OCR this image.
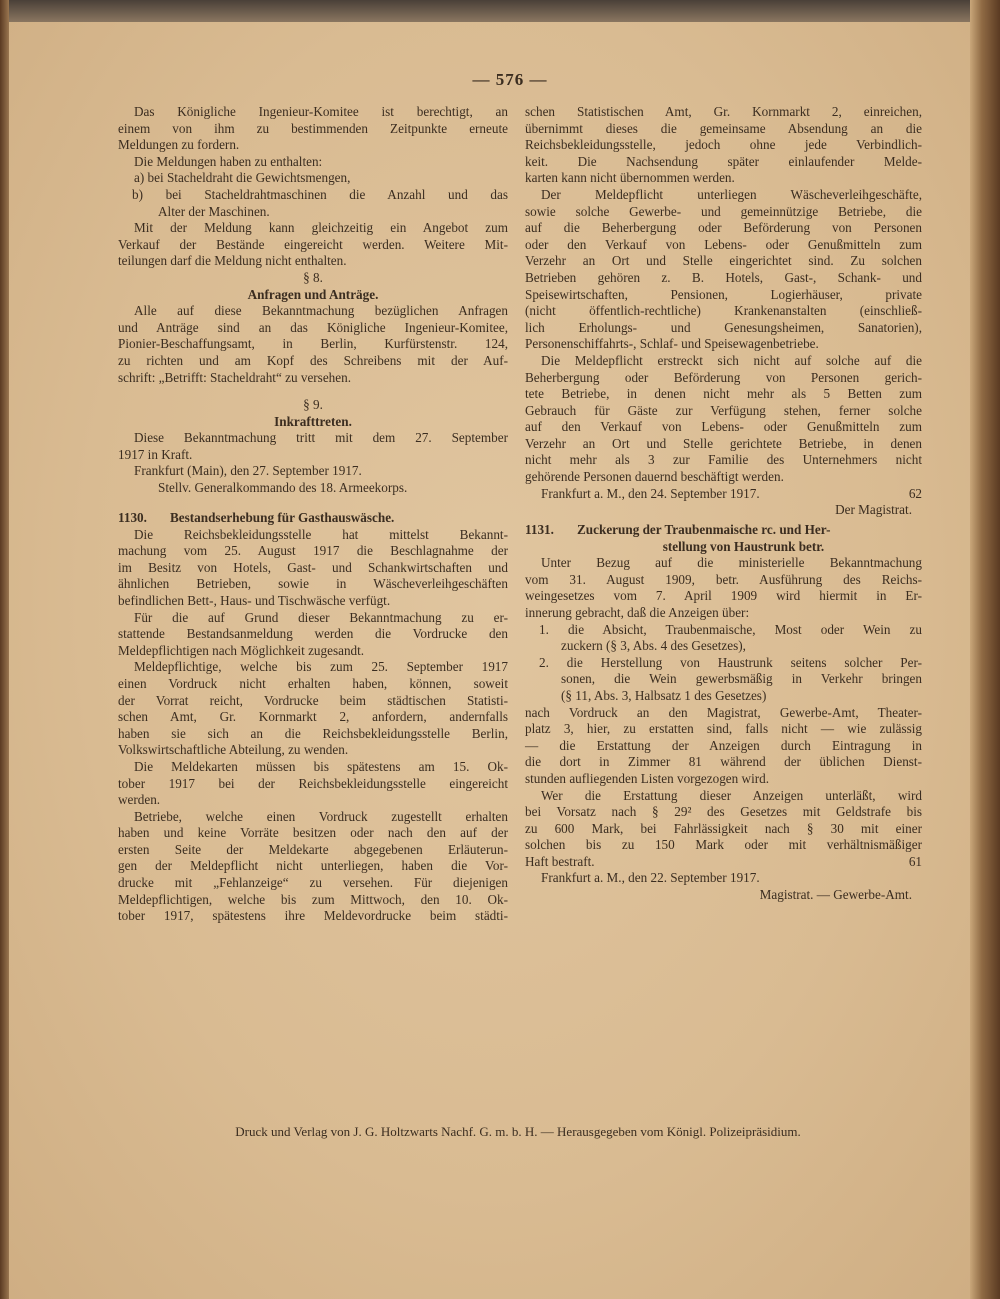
— 576 —
Das Königliche Ingenieur-Komitee ist berechtigt, an
einem von ihm zu bestimmenden Zeitpunkte erneute
Meldungen zu fordern.
Die Meldungen haben zu enthalten:
a) bei Stacheldraht die Gewichtsmengen,
b) bei Stacheldrahtmaschinen die Anzahl und das
Alter der Maschinen.
Mit der Meldung kann gleichzeitig ein Angebot zum
Verkauf der Bestände eingereicht werden. Weitere Mit-
teilungen darf die Meldung nicht enthalten.
§ 8.
Anfragen und Anträge.
Alle auf diese Bekanntmachung bezüglichen Anfragen
und Anträge sind an das Königliche Ingenieur-Komitee,
Pionier-Beschaffungsamt, in Berlin, Kurfürstenstr. 124,
zu richten und am Kopf des Schreibens mit der Auf-
schrift: „Betrifft: Stacheldraht“ zu versehen.
§ 9.
Inkrafttreten.
Diese Bekanntmachung tritt mit dem 27. September
1917 in Kraft.
Frankfurt (Main), den 27. September 1917.
Stellv. Generalkommando des 18. Armeekorps.
1130. Bestandserhebung für Gasthauswäsche.
Die Reichsbekleidungsstelle hat mittelst Bekannt-
machung vom 25. August 1917 die Beschlagnahme der
im Besitz von Hotels, Gast- und Schankwirtschaften und
ähnlichen Betrieben, sowie in Wäscheverleihgeschäften
befindlichen Bett-, Haus- und Tischwäsche verfügt.
Für die auf Grund dieser Bekanntmachung zu er-
stattende Bestandsanmeldung werden die Vordrucke den
Meldepflichtigen nach Möglichkeit zugesandt.
Meldepflichtige, welche bis zum 25. September 1917
einen Vordruck nicht erhalten haben, können, soweit
der Vorrat reicht, Vordrucke beim städtischen Statisti-
schen Amt, Gr. Kornmarkt 2, anfordern, andernfalls
haben sie sich an die Reichsbekleidungsstelle Berlin,
Volkswirtschaftliche Abteilung, zu wenden.
Die Meldekarten müssen bis spätestens am 15. Ok-
tober 1917 bei der Reichsbekleidungsstelle eingereicht
werden.
Betriebe, welche einen Vordruck zugestellt erhalten
haben und keine Vorräte besitzen oder nach den auf der
ersten Seite der Meldekarte abgegebenen Erläuterun-
gen der Meldepflicht nicht unterliegen, haben die Vor-
drucke mit „Fehlanzeige“ zu versehen. Für diejenigen
Meldepflichtigen, welche bis zum Mittwoch, den 10. Ok-
tober 1917, spätestens ihre Meldevordrucke beim städti-
schen Statistischen Amt, Gr. Kornmarkt 2, einreichen,
übernimmt dieses die gemeinsame Absendung an die
Reichsbekleidungsstelle, jedoch ohne jede Verbindlich-
keit. Die Nachsendung später einlaufender Melde-
karten kann nicht übernommen werden.
Der Meldepflicht unterliegen Wäscheverleihgeschäfte,
sowie solche Gewerbe- und gemeinnützige Betriebe, die
auf die Beherbergung oder Beförderung von Personen
oder den Verkauf von Lebens- oder Genußmitteln zum
Verzehr an Ort und Stelle eingerichtet sind. Zu solchen
Betrieben gehören z. B. Hotels, Gast-, Schank- und
Speisewirtschaften, Pensionen, Logierhäuser, private
(nicht öffentlich-rechtliche) Krankenanstalten (einschließ-
lich Erholungs- und Genesungsheimen, Sanatorien),
Personenschiffahrts-, Schlaf- und Speisewagenbetriebe.
Die Meldepflicht erstreckt sich nicht auf solche auf die
Beherbergung oder Beförderung von Personen gerich-
tete Betriebe, in denen nicht mehr als 5 Betten zum
Gebrauch für Gäste zur Verfügung stehen, ferner solche
auf den Verkauf von Lebens- oder Genußmitteln zum
Verzehr an Ort und Stelle gerichtete Betriebe, in denen
nicht mehr als 3 zur Familie des Unternehmers nicht
gehörende Personen dauernd beschäftigt werden.
Frankfurt a. M., den 24. September 1917.	62
Der Magistrat.
1131. Zuckerung der Traubenmaische rc. und Her-
stellung von Haustrunk betr.
Unter Bezug auf die ministerielle Bekanntmachung
vom 31. August 1909, betr. Ausführung des Reichs-
weingesetzes vom 7. April 1909 wird hiermit in Er-
innerung gebracht, daß die Anzeigen über:
1. die Absicht, Traubenmaische, Most oder Wein zu
zuckern (§ 3, Abs. 4 des Gesetzes),
2. die Herstellung von Haustrunk seitens solcher Per-
sonen, die Wein gewerbsmäßig in Verkehr bringen
(§ 11, Abs. 3, Halbsatz 1 des Gesetzes)
nach Vordruck an den Magistrat, Gewerbe-Amt, Theater-
platz 3, hier, zu erstatten sind, falls nicht — wie zulässig
— die Erstattung der Anzeigen durch Eintragung in
die dort in Zimmer 81 während der üblichen Dienst-
stunden aufliegenden Listen vorgezogen wird.
Wer die Erstattung dieser Anzeigen unterläßt, wird
bei Vorsatz nach § 29² des Gesetzes mit Geldstrafe bis
zu 600 Mark, bei Fahrlässigkeit nach § 30 mit einer
solchen bis zu 150 Mark oder mit verhältnismäßiger
Haft bestraft.	61
Frankfurt a. M., den 22. September 1917.
Magistrat. — Gewerbe-Amt.
Druck und Verlag von J. G. Holtzwarts Nachf. G. m. b. H. — Herausgegeben vom Königl. Polizeipräsidium.
